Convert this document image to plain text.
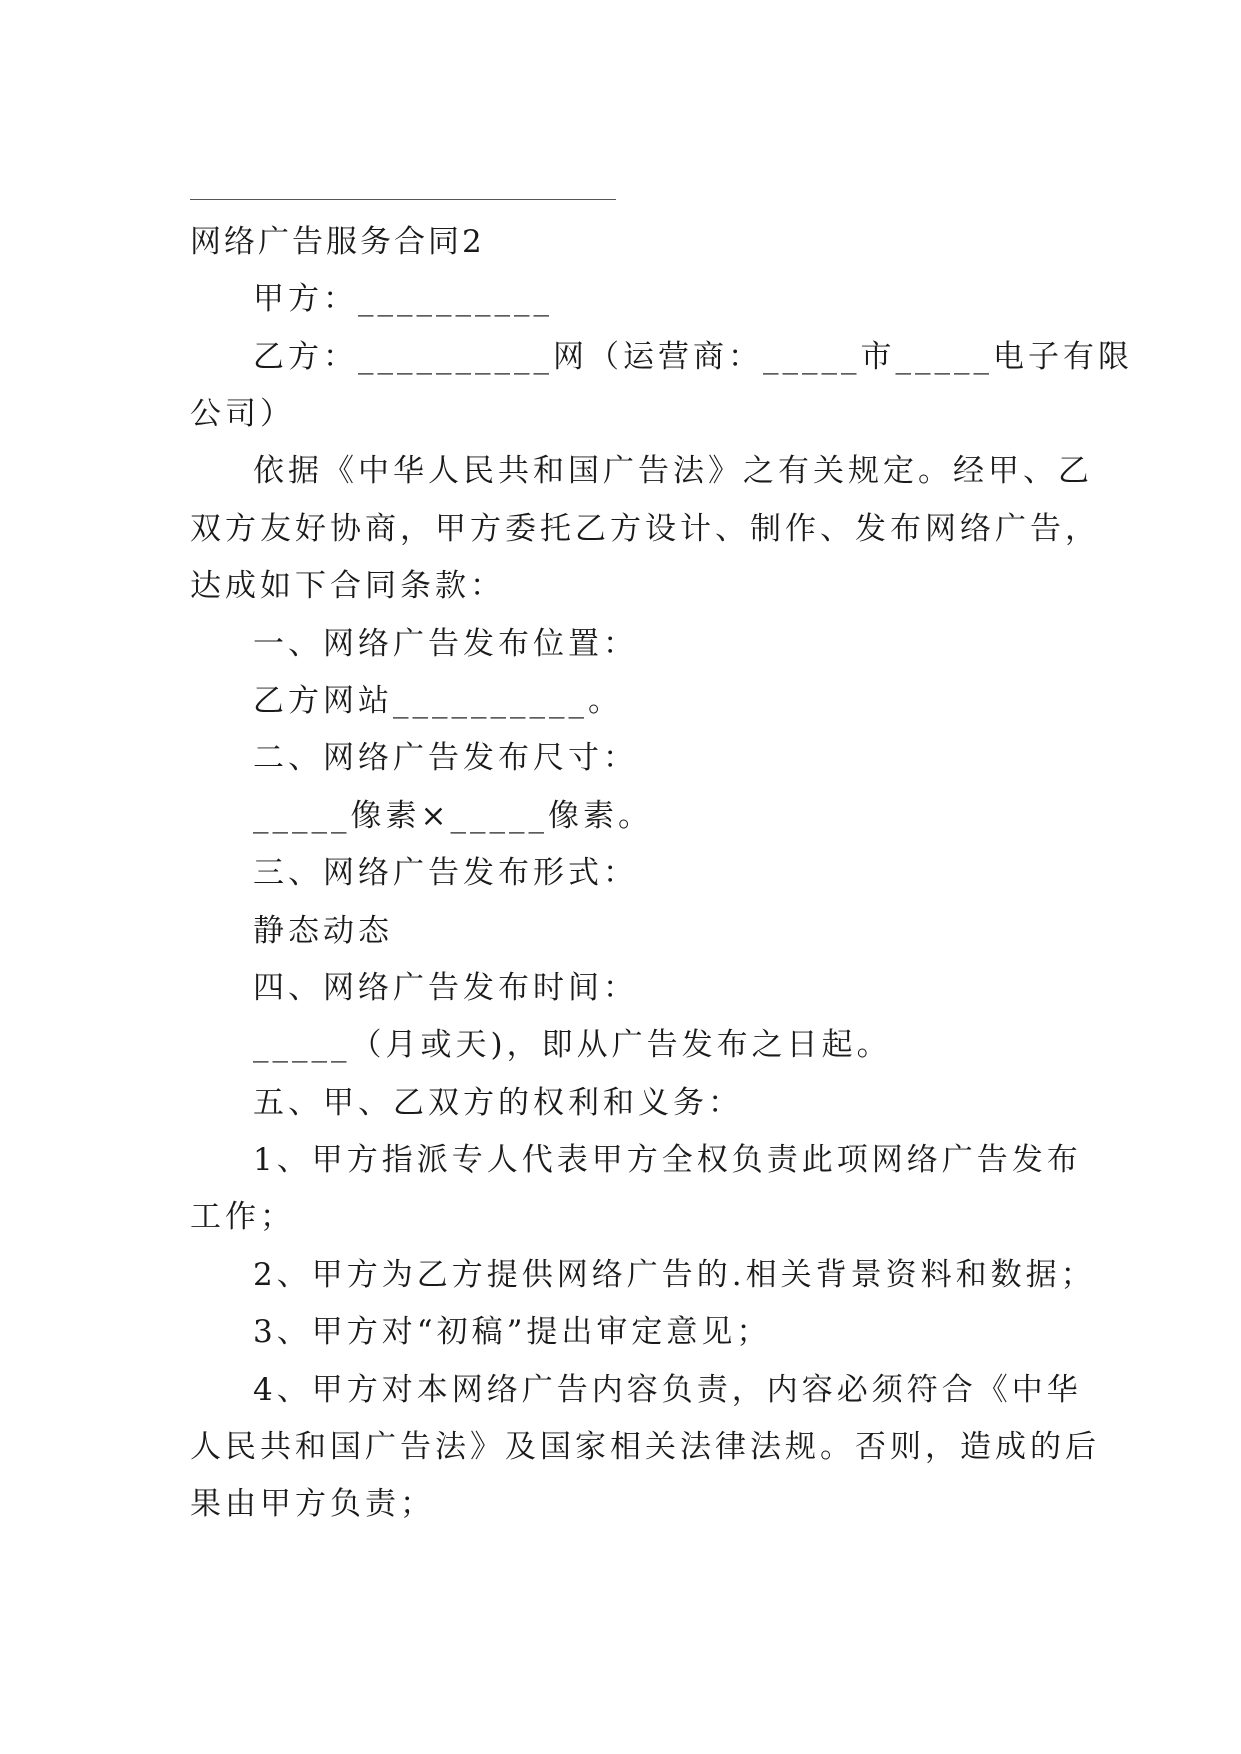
网络广告服务合同2
甲方：__________
乙方：__________网（运营商：_____市_____电子有限
公司）
依据《中华人民共和国广告法》之有关规定。经甲、乙
双方友好协商，甲方委托乙方设计、制作、发布网络广告，
达成如下合同条款：
一、网络广告发布位置：
乙方网站__________。
二、网络广告发布尺寸：
_____像素×_____像素。
三、网络广告发布形式：
静态动态
四、网络广告发布时间：
_____（月或天)，即从广告发布之日起。
五、甲、乙双方的权利和义务：
1、甲方指派专人代表甲方全权负责此项网络广告发布
工作；
2、甲方为乙方提供网络广告的.相关背景资料和数据；
3、甲方对“初稿”提出审定意见；
4、甲方对本网络广告内容负责，内容必须符合《中华
人民共和国广告法》及国家相关法律法规。否则，造成的后
果由甲方负责；
